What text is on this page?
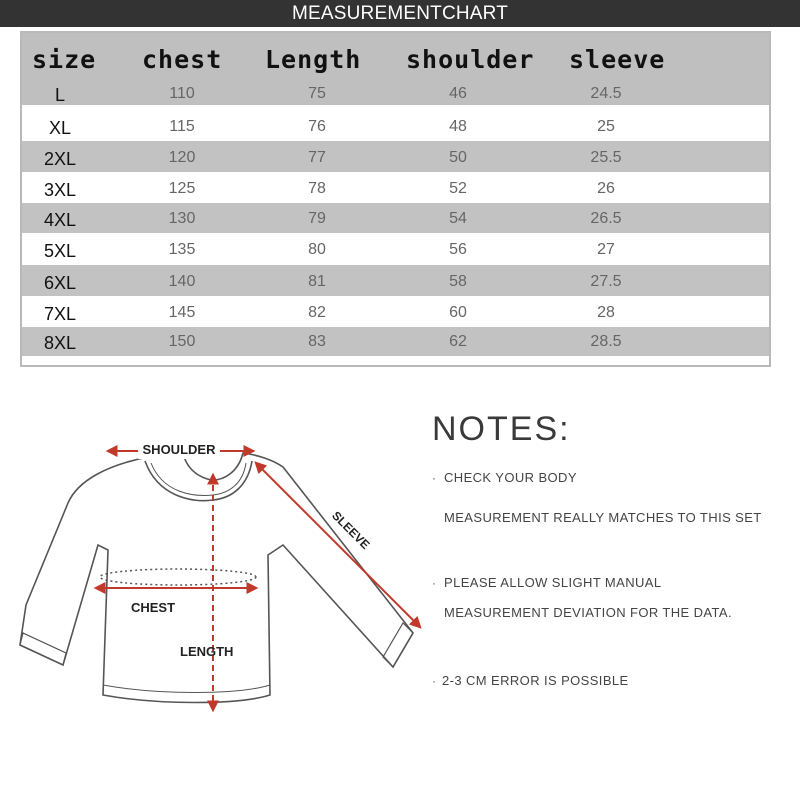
MEASUREMENTCHART
size chest Length shoulder sleeve
L	110	75	46	24.5
XL	115	76	48	25
2XL	120	77	50	25.5
3XL	125	78	52	26
4XL	130	79	54	26.5
5XL	135	80	56	27
6XL	140	81	58	27.5
7XL	145	82	60	28
8XL	150	83	62	28.5
SHOULDER
SLEEVE
CHEST
LENGTH
NOTES:
· CHECK YOUR BODY
MEASUREMENT REALLY MATCHES TO THIS SET
· PLEASE ALLOW SLIGHT MANUAL
MEASUREMENT DEVIATION FOR THE DATA.
· 2-3 CM ERROR IS POSSIBLE
